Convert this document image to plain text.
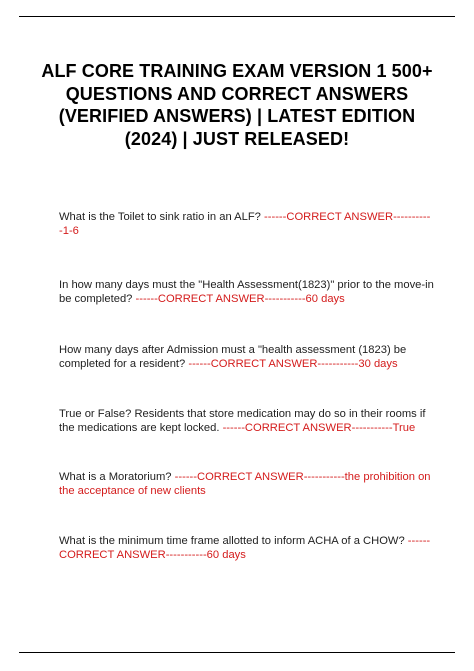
ALF CORE TRAINING EXAM VERSION 1 500+ QUESTIONS AND CORRECT ANSWERS (VERIFIED ANSWERS) | LATEST EDITION (2024) | JUST RELEASED!

What is the Toilet to sink ratio in an ALF? ------CORRECT ANSWER-----------1-6

In how many days must the "Health Assessment(1823)" prior to the move-in be completed? ------CORRECT ANSWER-----------60 days

How many days after Admission must a "health assessment (1823) be completed for a resident? ------CORRECT ANSWER-----------30 days

True or False? Residents that store medication may do so in their rooms if the medications are kept locked. ------CORRECT ANSWER-----------True

What is a Moratorium? ------CORRECT ANSWER-----------the prohibition on the acceptance of new clients

What is the minimum time frame allotted to inform ACHA of a CHOW? ------CORRECT ANSWER-----------60 days
